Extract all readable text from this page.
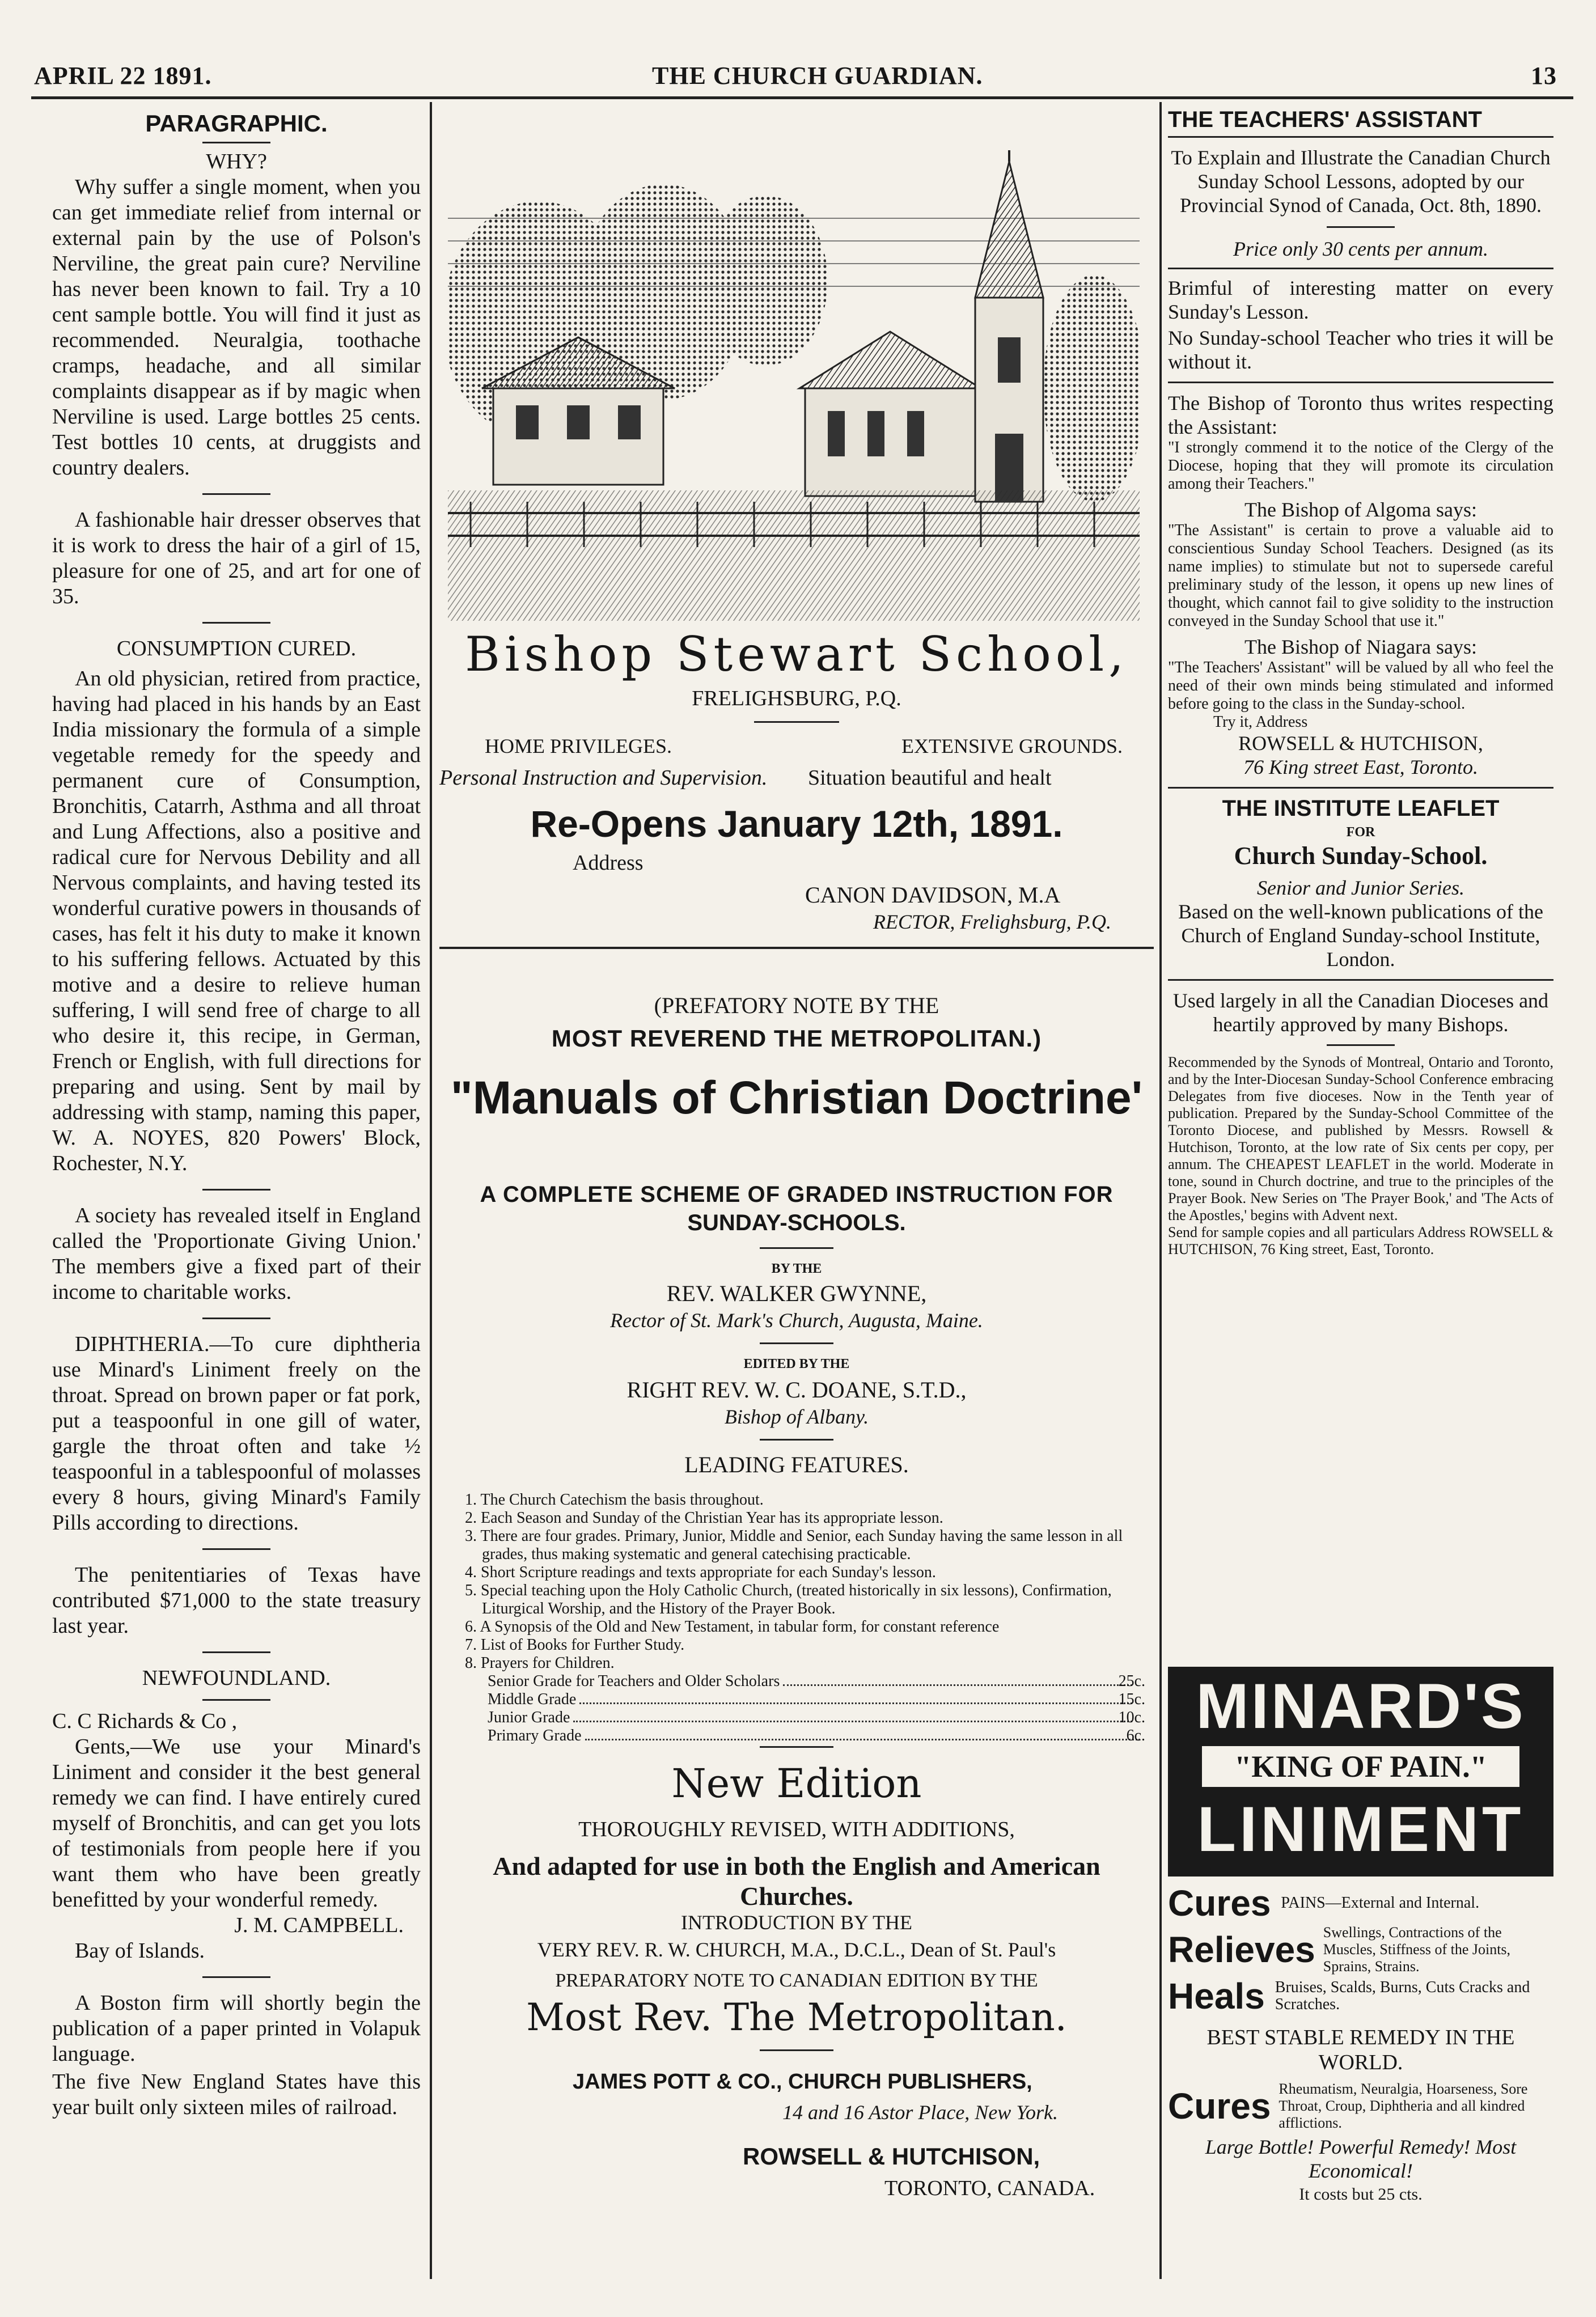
APRIL 22 1891.	THE CHURCH GUARDIAN.	13
PARAGRAPHIC.
WHY?

Why suffer a single moment, when you can get immediate relief from internal or external pain by the use of Polson's Nerviline, the great pain cure? Nerviline has never been known to fail. Try a 10 cent sample bottle. You will find it just as recommended. Neuralgia, toothache cramps, headache, and all similar complaints disappear as if by magic when Nerviline is used. Large bottles 25 cents. Test bottles 10 cents, at druggists and country dealers.

A fashionable hair dresser observes that it is work to dress the hair of a girl of 15, pleasure for one of 25, and art for one of 35.

CONSUMPTION CURED.

An old physician, retired from practice, having had placed in his hands by an East India missionary the formula of a simple vegetable remedy for the speedy and permanent cure of Consumption, Bronchitis, Catarrh, Asthma and all throat and Lung Affections, also a positive and radical cure for Nervous Debility and all Nervous complaints, and having tested its wonderful curative powers in thousands of cases, has felt it his duty to make it known to his suffering fellows. Actuated by this motive and a desire to relieve human suffering, I will send free of charge to all who desire it, this recipe, in German, French or English, with full directions for preparing and using. Sent by mail by addressing with stamp, naming this paper, W. A. NOYES, 820 Powers' Block, Rochester, N.Y.

A society has revealed itself in England called the 'Proportionate Giving Union.' The members give a fixed part of their income to charitable works.

DIPHTHERIA.—To cure diphtheria use Minard's Liniment freely on the throat. Spread on brown paper or fat pork, put a teaspoonful in one gill of water, gargle the throat often and take ½ teaspoonful in a tablespoonful of molasses every 8 hours, giving Minard's Family Pills according to directions.

The penitentiaries of Texas have contributed $71,000 to the state treasury last year.

NEWFOUNDLAND.

C. C Richards & Co ,

Gents,—We use your Minard's Liniment and consider it the best general remedy we can find. I have entirely cured myself of Bronchitis, and can get you lots of testimonials from people here if you want them who have been greatly benefitted by your wonderful remedy.

J. M. CAMPBELL.

Bay of Islands.

A Boston firm will shortly begin the publication of a paper printed in Volapuk language.

The five New England States have this year built only sixteen miles of railroad.

Bishop Stewart School,
FRELIGHSBURG, P.Q.
HOME PRIVILEGES.	EXTENSIVE GROUNDS.
Personal Instruction and Supervision. Situation beautiful and healt
Re-Opens January 12th, 1891.
Address
CANON DAVIDSON, M.A
RECTOR, Frelighsburg, P.Q.
(PREFATORY NOTE BY THE
MOST REVEREND THE METROPOLITAN.)
"Manuals of Christian Doctrine'
A COMPLETE SCHEME OF GRADED INSTRUCTION FOR
SUNDAY-SCHOOLS.
BY THE
REV. WALKER GWYNNE,
Rector of St. Mark's Church, Augusta, Maine.
EDITED BY THE
RIGHT REV. W. C. DOANE, S.T.D.,
Bishop of Albany.
LEADING FEATURES.
1. The Church Catechism the basis throughout.
2. Each Season and Sunday of the Christian Year has its appropriate lesson.
3. There are four grades. Primary, Junior, Middle and Senior, each Sunday having the same lesson in all grades, thus making systematic and general catechising practicable.
4. Short Scripture readings and texts appropriate for each Sunday's lesson.
5. Special teaching upon the Holy Catholic Church, (treated historically in six lessons), Confirmation, Liturgical Worship, and the History of the Prayer Book.
6. A Synopsis of the Old and New Testament, in tabular form, for constant reference
7. List of Books for Further Study.
8. Prayers for Children.
Senior Grade for Teachers and Older Scholars	25c.
Middle Grade	15c.
Junior Grade	10c.
Primary Grade	6c.
New Edition
THOROUGHLY REVISED, WITH ADDITIONS,
And adapted for use in both the English and American Churches.
INTRODUCTION BY THE
VERY REV. R. W. CHURCH, M.A., D.C.L., Dean of St. Paul's
PREPARATORY NOTE TO CANADIAN EDITION BY THE
Most Rev. The Metropolitan.
JAMES POTT & CO., CHURCH PUBLISHERS,
14 and 16 Astor Place, New York.
ROWSELL & HUTCHISON,
TORONTO, CANADA.
THE TEACHERS' ASSISTANT

To Explain and Illustrate the Canadian Church Sunday School Lessons, adopted by our Provincial Synod of Canada, Oct. 8th, 1890.

Price only 30 cents per annum.

Brimful of interesting matter on every Sunday's Lesson.

No Sunday-school Teacher who tries it will be without it.

The Bishop of Toronto thus writes respecting the Assistant:

"I strongly commend it to the notice of the Clergy of the Diocese, hoping that they will promote its circulation among their Teachers."

The Bishop of Algoma says:

"The Assistant" is certain to prove a valuable aid to conscientious Sunday School Teachers. Designed (as its name implies) to stimulate but not to supersede careful preliminary study of the lesson, it opens up new lines of thought, which cannot fail to give solidity to the instruction conveyed in the Sunday School that use it."

The Bishop of Niagara says:

"The Teachers' Assistant" will be valued by all who feel the need of their own minds being stimulated and informed before going to the class in the Sunday-school.

Try it, Address

ROWSELL & HUTCHISON,

76 King street East, Toronto.

THE INSTITUTE LEAFLET

FOR

Church Sunday-School.

Senior and Junior Series.

Based on the well-known publications of the Church of England Sunday-school Institute, London.

Used largely in all the Canadian Dioceses and heartily approved by many Bishops.

Recommended by the Synods of Montreal, Ontario and Toronto, and by the Inter-Diocesan Sunday-School Conference embracing Delegates from five dioceses. Now in the Tenth year of publication. Prepared by the Sunday-School Committee of the Toronto Diocese, and published by Messrs. Rowsell & Hutchison, Toronto, at the low rate of Six cents per copy, per annum. The CHEAPEST LEAFLET in the world. Moderate in tone, sound in Church doctrine, and true to the principles of the Prayer Book. New Series on 'The Prayer Book,' and 'The Acts of the Apostles,' begins with Advent next.

Send for sample copies and all particulars Address ROWSELL & HUTCHISON, 76 King street, East, Toronto.

MINARD'S
"KING OF PAIN."
LINIMENT
Cures PAINS—External and Internal.
Relieves Swellings, Contractions of the Muscles, Stiffness of the Joints, Sprains, Strains.
Heals Bruises, Scalds, Burns, Cuts Cracks and Scratches.
BEST STABLE REMEDY IN THE WORLD.
Cures Rheumatism, Neuralgia, Hoarseness, Sore Throat, Croup, Diphtheria and all kindred afflictions.
Large Bottle! Powerful Remedy! Most Economical!
It costs but 25 cts.
